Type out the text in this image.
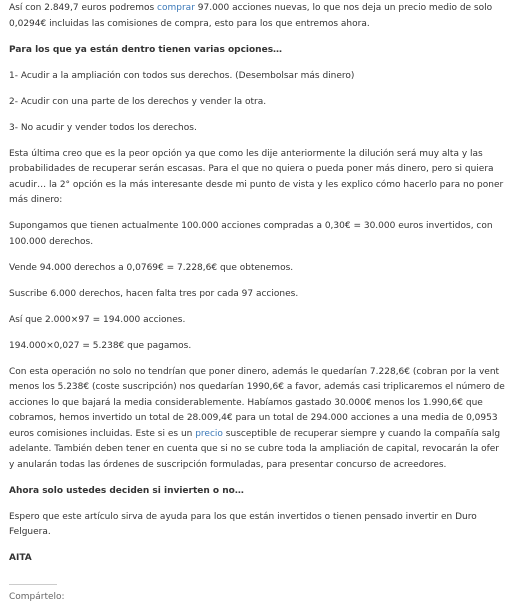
Así con 2.849,7 euros podremos comprar 97.000 acciones nuevas, lo que nos deja un precio medio de solo

0,0294€ incluidas las comisiones de compra, esto para los que entremos ahora.

Para los que ya están dentro tienen varias opciones…

1- Acudir a la ampliación con todos sus derechos. (Desembolsar más dinero)

2- Acudir con una parte de los derechos y vender la otra.

3- No acudir y vender todos los derechos.

Esta última creo que es la peor opción ya que como les dije anteriormente la dilución será muy alta y las

probabilidades de recuperar serán escasas. Para el que no quiera o pueda poner más dinero, pero si quiera

acudir… la 2° opción es la más interesante desde mi punto de vista y les explico cómo hacerlo para no poner

más dinero:

Supongamos que tienen actualmente 100.000 acciones compradas a 0,30€ = 30.000 euros invertidos, con

100.000 derechos.

Vende 94.000 derechos a 0,0769€ = 7.228,6€ que obtenemos.

Suscribe 6.000 derechos, hacen falta tres por cada 97 acciones.

Así que 2.000×97 = 194.000 acciones.

194.000×0,027 = 5.238€ que pagamos.

Con esta operación no solo no tendrían que poner dinero, además le quedarían 7.228,6€ (cobran por la vent

menos los 5.238€ (coste suscripción) nos quedarían 1990,6€ a favor, además casi triplicaremos el número de

acciones lo que bajará la media considerablemente. Habíamos gastado 30.000€ menos los 1.990,6€ que

cobramos, hemos invertido un total de 28.009,4€ para un total de 294.000 acciones a una media de 0,0953

euros comisiones incluidas. Este si es un precio susceptible de recuperar siempre y cuando la compañía salg

adelante. También deben tener en cuenta que si no se cubre toda la ampliación de capital, revocarán la ofer

y anularán todas las órdenes de suscripción formuladas, para presentar concurso de acreedores.

Ahora solo ustedes deciden si invierten o no…

Espero que este artículo sirva de ayuda para los que están invertidos o tienen pensado invertir en Duro

Felguera.

AITA

Compártelo:
